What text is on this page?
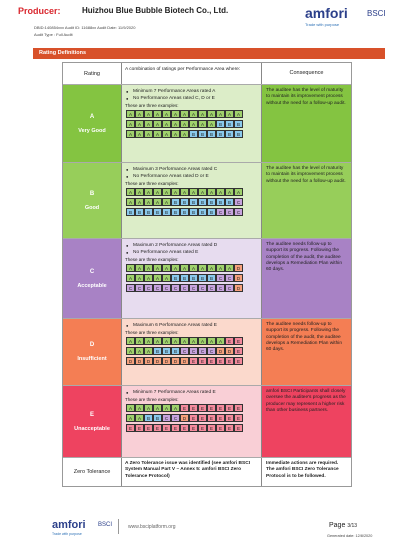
Producer:	Huizhou Blue Bubble Biotech Co., Ltd.
DBID:140854xxx Audit ID: 11688xx Audit Date: 11/9/2020
Audit Type : Full Audit
amfori BSCI
Trade with purpose
Rating Definitions
Rating
A combination of ratings per Performance Area where:
Consequence
A
Very Good
● Minimum 7 Performance Areas rated A
● No Performance Areas rated C, D or E
These are three examples:
A	A	A	A	A	A	A	A	A	A	A	A	A
A	A	A	A	A	A	A	A	A	A	B	B	B
A	A	A	A	A	A	A	B	B	B	B	B	B
The auditee has the level of maturity to maintain its improvement process without the need for a follow-up audit.
B
Good
● Maximum 3 Performance Areas rated C
● No Performance Areas rated D or E
These are three examples:
A	A	A	A	A	A	A	A	A	A	A	A	A
A	A	A	A	A	B	B	B	B	B	B	B	C
B	B	B	B	B	B	B	B	B	B	C	C	C
The auditee has the level of maturity to maintain its improvement process without the need for a follow-up audit.
C
Acceptable
● Maximum 2 Performance Areas rated D
● No Performance Areas rated E
These are three examples:
A	A	A	A	A	A	A	A	A	A	A	A	D
A	A	A	A	A	B	B	B	B	B	C	C	D
C	C	C	C	C	C	C	C	C	C	C	C	D
The auditee needs follow-up to support its progress. Following the completion of the audit, the auditee develops a Remediation Plan within 60 days.
D
Insufficient
● Maximum 6 Performance Areas rated E
These are three examples:
A	A	A	A	A	A	A	A	A	A	A	E	E
A	A	A	B	B	B	C	C	C	C	D	D	E
D	D	D	D	D	D	D	E	E	E	E	E	E
The auditee needs follow-up to support its progress. Following the completion of the audit, the auditee develops a Remediation Plan within 60 days.
E
Unacceptable
● Minimum 7 Performance Areas rated E
These are three examples:
A	A	A	A	A	A	E	E	E	E	E	E	E
A	A	B	B	C	C	D	E	E	E	E	E	E
E	E	E	E	E	E	E	E	E	E	E	E	E
amfori BSCI Participants shall closely oversee the auditee's progress as the producer may represent a higher risk than other business partners.
Zero Tolerance
A Zero Tolerance issue was identified (see amfori BSCI System Manual Part V – Annex 5: amfori BSCI Zero Tolerance Protocol)
Immediate actions are required. The amfori BSCI Zero Tolerance Protocol is to be followed.
amfori BSCI
Trade with purpose
www.bsciplatform.org	Page 3/13
Generated date: 12/8/2020
